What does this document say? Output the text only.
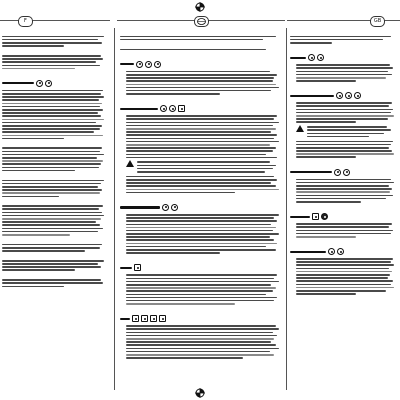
F	GB
